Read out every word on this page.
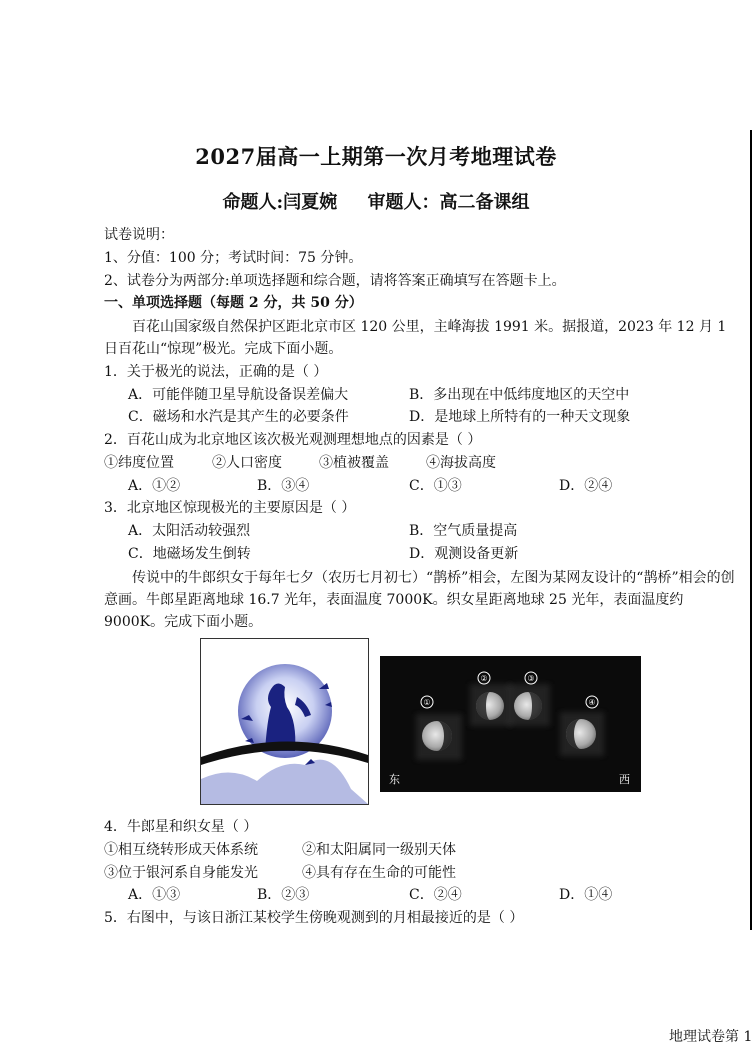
2027届高一上期第一次月考地理试卷
命题人:闫夏婉 审题人：高二备课组
试卷说明：
1、分值：100 分；考试时间：75 分钟。
2、试卷分为两部分:单项选择题和综合题，请将答案正确填写在答题卡上。
一、单项选择题（每题 2 分，共 50 分）
百花山国家级自然保护区距北京市区 120 公里，主峰海拔 1991 米。据报道，2023 年 12 月 1 日百花山“惊现”极光。完成下面小题。
1．关于极光的说法，正确的是（ ）
A．可能伴随卫星导航设备误差偏大	B．多出现在中低纬度地区的天空中
C．磁场和水汽是其产生的必要条件	D．是地球上所特有的一种天文现象
2．百花山成为北京地区该次极光观测理想地点的因素是（ ）
①纬度位置	②人口密度	③植被覆盖	④海拔高度
A．①②	B．③④	C．①③	D．②④
3．北京地区惊现极光的主要原因是（ ）
A．太阳活动较强烈	B．空气质量提高
C．地磁场发生倒转	D．观测设备更新
传说中的牛郎织女于每年七夕（农历七月初七）“鹊桥”相会，左图为某网友设计的“鹊桥”相会的创意画。牛郎星距离地球 16.7 光年，表面温度 7000K。织女星距离地球 25 光年，表面温度约 9000K。完成下面小题。
①
②	③
④
东	西
4．牛郎星和织女星（ ）
①相互绕转形成天体系统	②和太阳属同一级别天体
③位于银河系自身能发光	④具有存在生命的可能性
A．①③	B．②③	C．②④	D．①④
5．右图中，与该日浙江某校学生傍晚观测到的月相最接近的是（ ）
地理试卷第 1
